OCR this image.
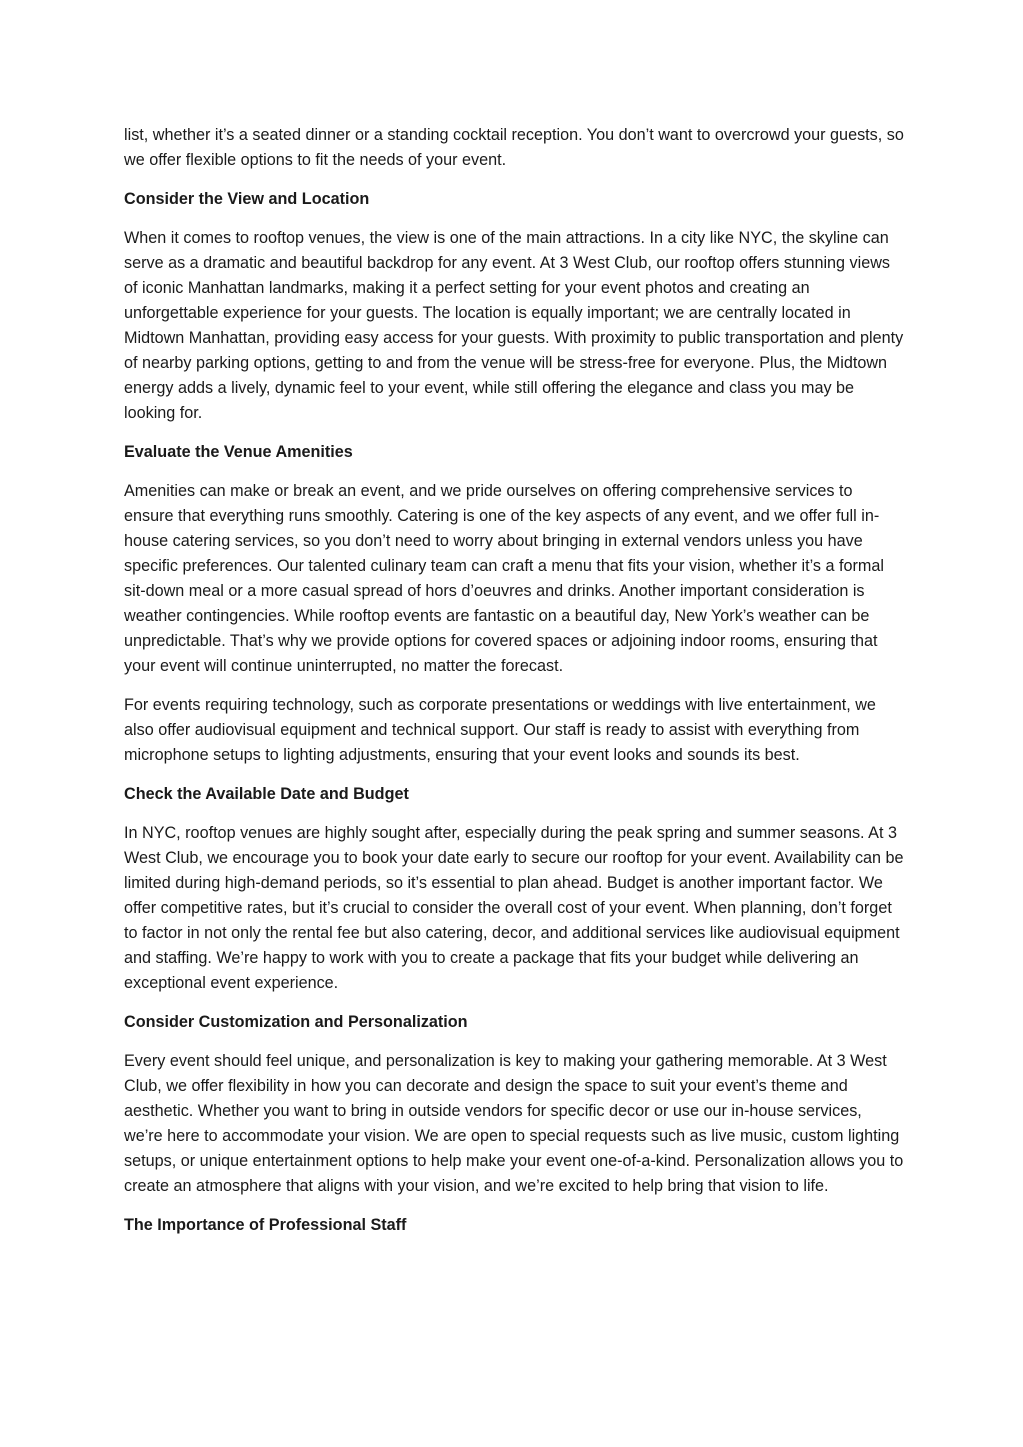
list, whether it’s a seated dinner or a standing cocktail reception. You don’t want to overcrowd your guests, so we offer flexible options to fit the needs of your event.

Consider the View and Location

When it comes to rooftop venues, the view is one of the main attractions. In a city like NYC, the skyline can serve as a dramatic and beautiful backdrop for any event. At 3 West Club, our rooftop offers stunning views of iconic Manhattan landmarks, making it a perfect setting for your event photos and creating an unforgettable experience for your guests. The location is equally important; we are centrally located in Midtown Manhattan, providing easy access for your guests. With proximity to public transportation and plenty of nearby parking options, getting to and from the venue will be stress-free for everyone. Plus, the Midtown energy adds a lively, dynamic feel to your event, while still offering the elegance and class you may be looking for.

Evaluate the Venue Amenities

Amenities can make or break an event, and we pride ourselves on offering comprehensive services to ensure that everything runs smoothly. Catering is one of the key aspects of any event, and we offer full in-house catering services, so you don’t need to worry about bringing in external vendors unless you have specific preferences. Our talented culinary team can craft a menu that fits your vision, whether it’s a formal sit-down meal or a more casual spread of hors d’oeuvres and drinks. Another important consideration is weather contingencies. While rooftop events are fantastic on a beautiful day, New York’s weather can be unpredictable. That’s why we provide options for covered spaces or adjoining indoor rooms, ensuring that your event will continue uninterrupted, no matter the forecast.

For events requiring technology, such as corporate presentations or weddings with live entertainment, we also offer audiovisual equipment and technical support. Our staff is ready to assist with everything from microphone setups to lighting adjustments, ensuring that your event looks and sounds its best.

Check the Available Date and Budget

In NYC, rooftop venues are highly sought after, especially during the peak spring and summer seasons. At 3 West Club, we encourage you to book your date early to secure our rooftop for your event. Availability can be limited during high-demand periods, so it’s essential to plan ahead. Budget is another important factor. We offer competitive rates, but it’s crucial to consider the overall cost of your event. When planning, don’t forget to factor in not only the rental fee but also catering, decor, and additional services like audiovisual equipment and staffing. We’re happy to work with you to create a package that fits your budget while delivering an exceptional event experience.

Consider Customization and Personalization

Every event should feel unique, and personalization is key to making your gathering memorable. At 3 West Club, we offer flexibility in how you can decorate and design the space to suit your event’s theme and aesthetic. Whether you want to bring in outside vendors for specific decor or use our in-house services, we’re here to accommodate your vision. We are open to special requests such as live music, custom lighting setups, or unique entertainment options to help make your event one-of-a-kind. Personalization allows you to create an atmosphere that aligns with your vision, and we’re excited to help bring that vision to life.

The Importance of Professional Staff
